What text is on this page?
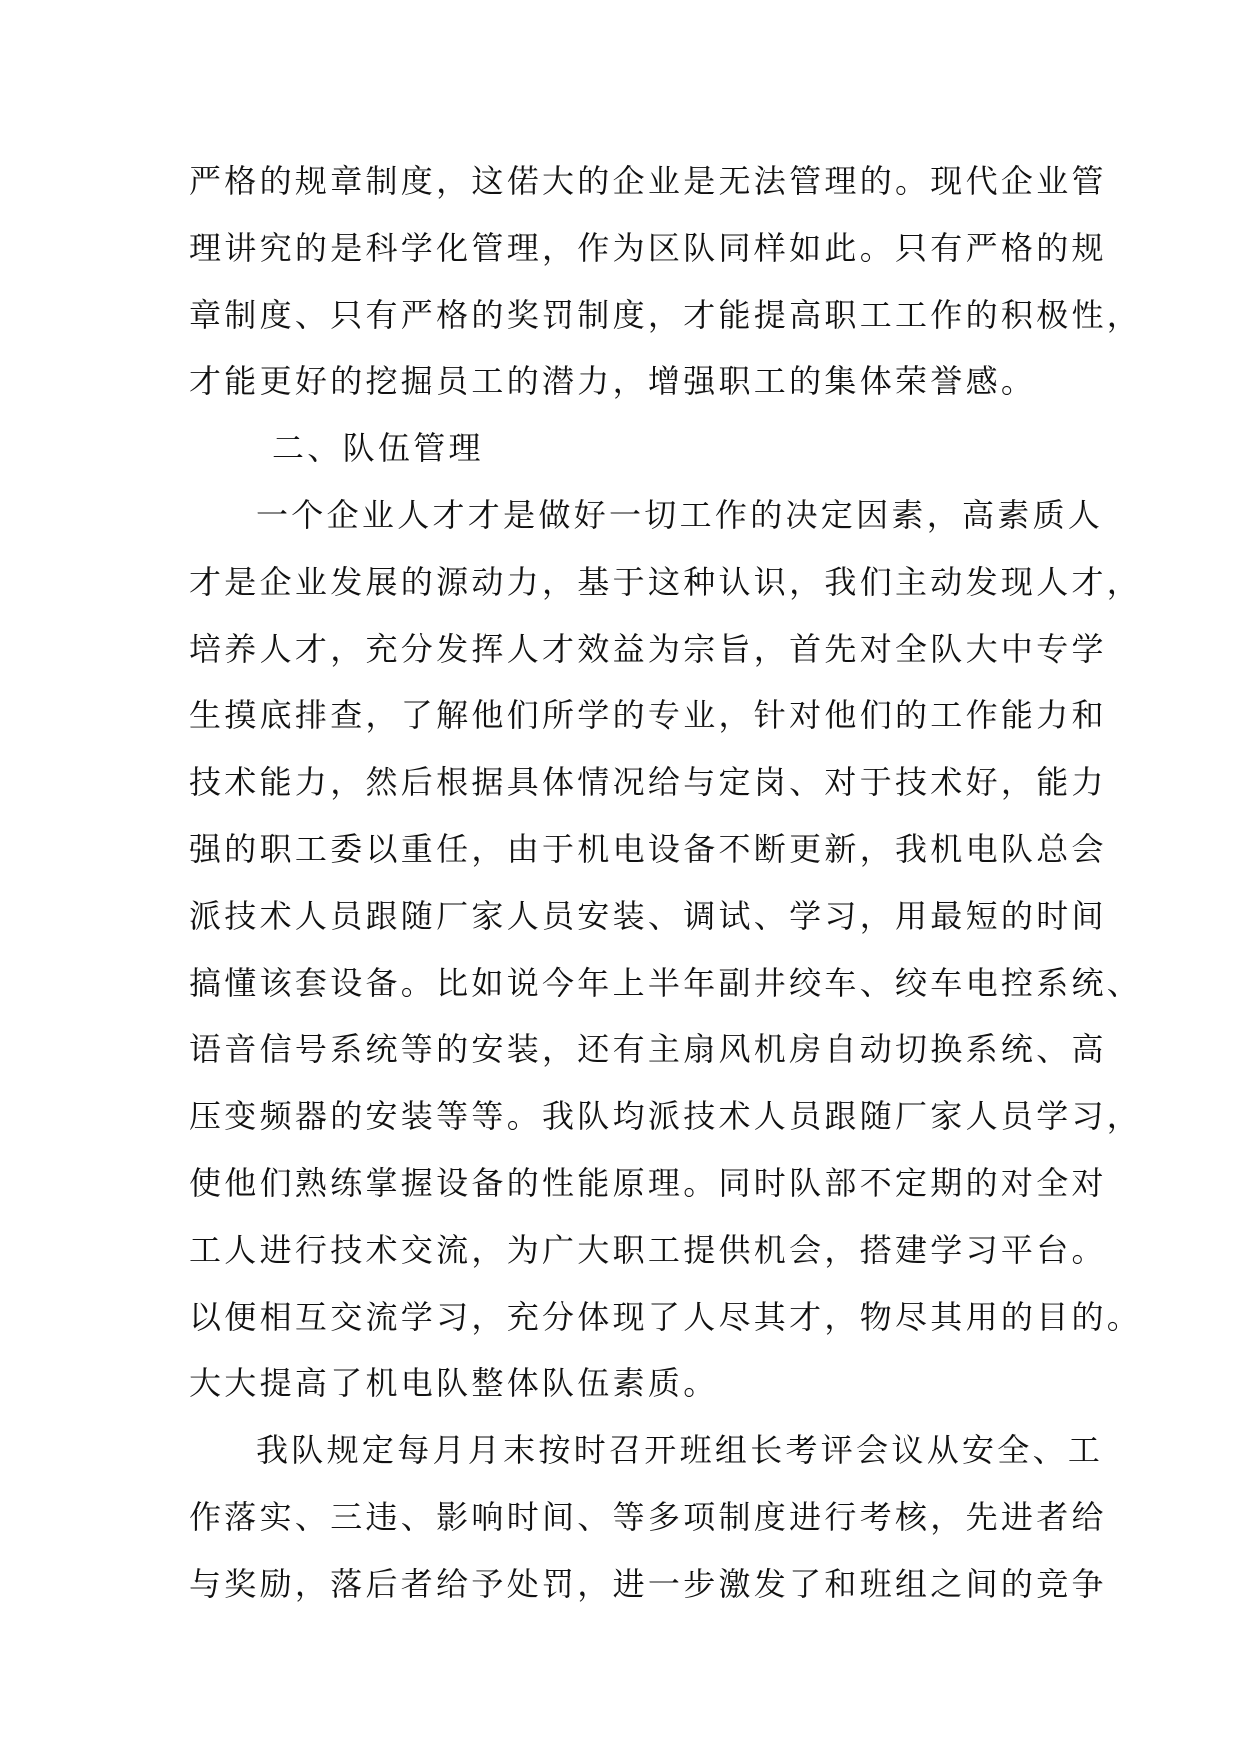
严格的规章制度，这偌大的企业是无法管理的。现代企业管
理讲究的是科学化管理，作为区队同样如此。只有严格的规
章制度、只有严格的奖罚制度，才能提高职工工作的积极性，
才能更好的挖掘员工的潜力，增强职工的集体荣誉感。
二、队伍管理
一个企业人才才是做好一切工作的决定因素，高素质人
才是企业发展的源动力，基于这种认识，我们主动发现人才，
培养人才，充分发挥人才效益为宗旨，首先对全队大中专学
生摸底排查，了解他们所学的专业，针对他们的工作能力和
技术能力，然后根据具体情况给与定岗、对于技术好，能力
强的职工委以重任，由于机电设备不断更新，我机电队总会
派技术人员跟随厂家人员安装、调试、学习，用最短的时间
搞懂该套设备。比如说今年上半年副井绞车、绞车电控系统、
语音信号系统等的安装，还有主扇风机房自动切换系统、高
压变频器的安装等等。我队均派技术人员跟随厂家人员学习，
使他们熟练掌握设备的性能原理。同时队部不定期的对全对
工人进行技术交流，为广大职工提供机会，搭建学习平台。
以便相互交流学习，充分体现了人尽其才，物尽其用的目的。
大大提高了机电队整体队伍素质。
我队规定每月月末按时召开班组长考评会议从安全、工
作落实、三违、影响时间、等多项制度进行考核，先进者给
与奖励，落后者给予处罚，进一步激发了和班组之间的竞争
